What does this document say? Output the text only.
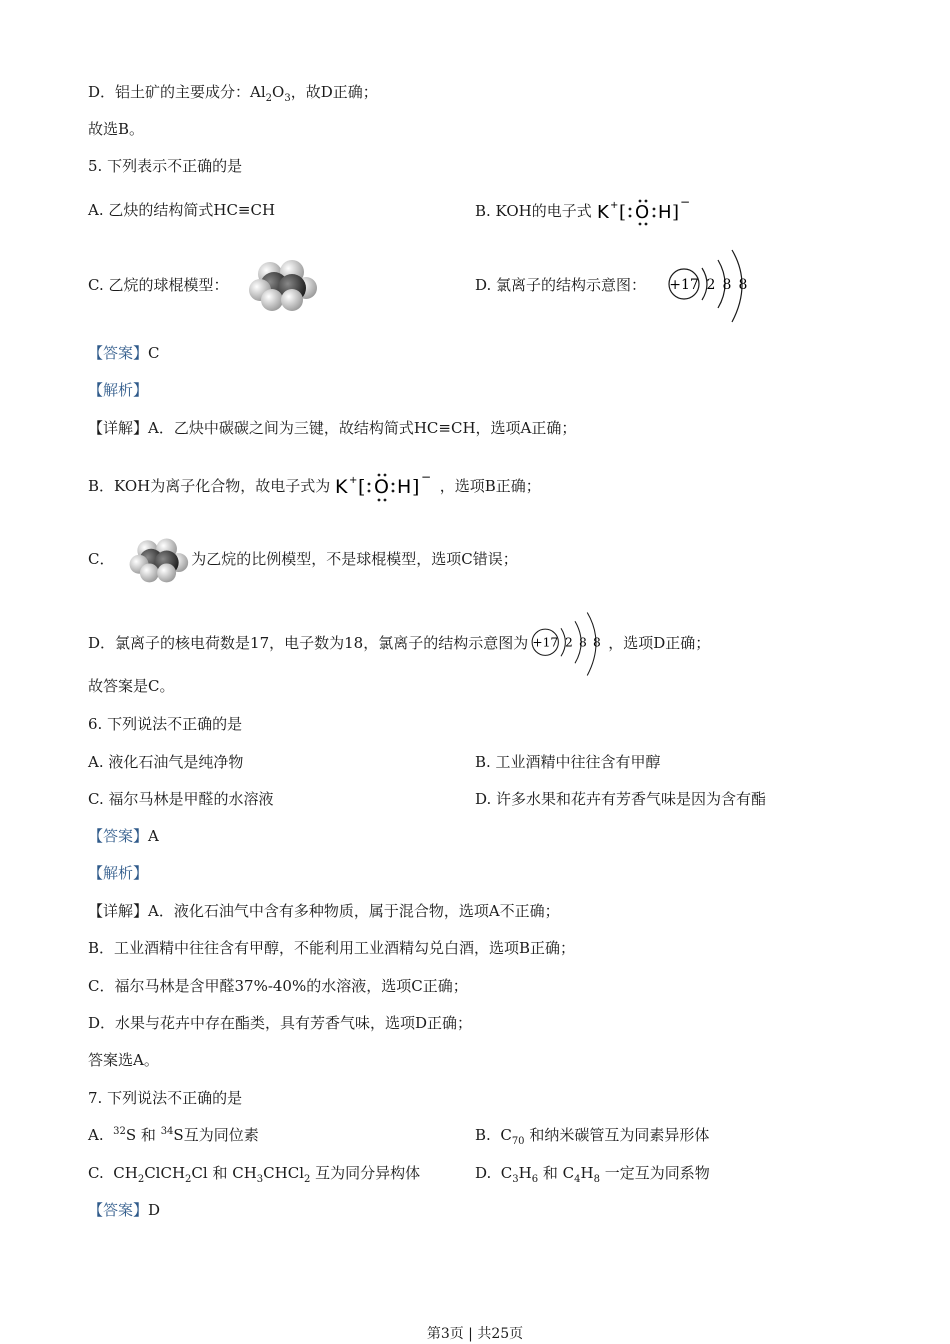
D．铝土矿的主要成分：$Al_2O_3$，故D正确；
故选B。
5. 下列表示不正确的是
A. 乙炔的结构简式HC≡CH	B. KOH的电子式 K + [ O H ] −
C. 乙烷的球棍模型：	D. 氯离子的结构示意图： +17 2 8 8
【答案】C
【解析】
【详解】A．乙炔中碳碳之间为三键，故结构简式HC≡CH，选项A正确；
B．KOH为离子化合物，故电子式为 K + [ O H ] − ，选项B正确；
C．	为乙烷的比例模型，不是球棍模型，选项C错误；
D．氯离子的核电荷数是17，电子数为18，氯离子的结构示意图为 +17 2 8 8 ，选项D正确；
故答案是C。
6. 下列说法不正确的是
A. 液化石油气是纯净物	B. 工业酒精中往往含有甲醇
C. 福尔马林是甲醛的水溶液	D. 许多水果和花卉有芳香气味是因为含有酯
【答案】A
【解析】
【详解】A．液化石油气中含有多种物质，属于混合物，选项A不正确；
B．工业酒精中往往含有甲醇，不能利用工业酒精勾兑白酒，选项B正确；
C．福尔马林是含甲醛37%-40%的水溶液，选项C正确；
D．水果与花卉中存在酯类，具有芳香气味，选项D正确；
答案选A。
7. 下列说法不正确的是
A.  $^{32}$S 和 $^{34}$S互为同位素	B.  $C_{70}$ 和纳米碳管互为同素异形体
C.  $CH_2ClCH_2Cl$ 和 $CH_3CHCl_2$ 互为同分异构体	D.  $C_3H_6$ 和 $C_4H_8$ 一定互为同系物
【答案】D
第3页 | 共25页
